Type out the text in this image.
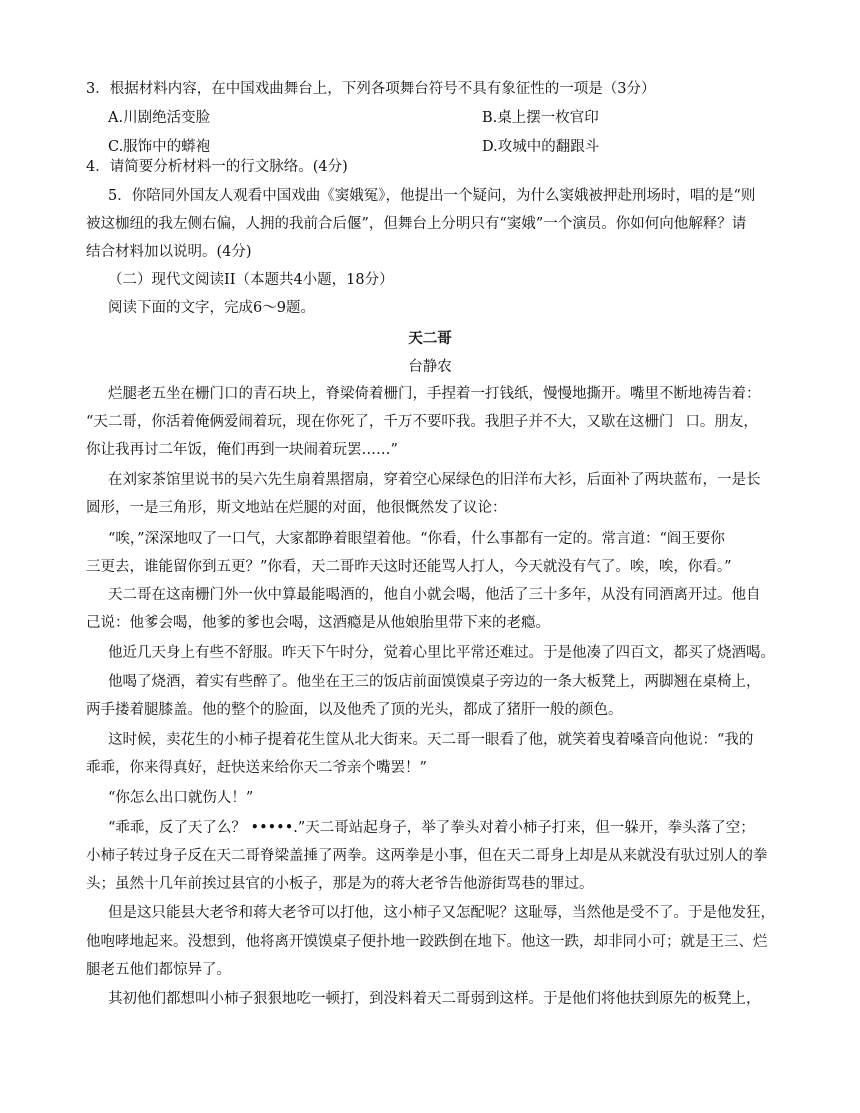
3．根据材料内容，在中国戏曲舞台上，下列各项舞台符号不具有象征性的一项是（3分）
A.川剧绝活变脸	B.桌上摆一枚官印
C.服饰中的蟒袍	D.攻城中的翻跟斗
4．请简要分析材料一的行文脉络。(4分)
5．你陪同外国友人观看中国戏曲《窦娥冤》，他提出一个疑问，为什么窦娥被押赴刑场时，唱的是“则
被这枷纽的我左侧右偏，人拥的我前合后偃”，但舞台上分明只有“窦娥”一个演员。你如何向他解释？请
结合材料加以说明。(4分)
（二）现代文阅读II（本题共4小题，18分）
阅读下面的文字，完成6～9题。
天二哥
台静农
烂腿老五坐在栅门口的青石块上，脊梁倚着栅门，手捏着一打钱纸，慢慢地撕开。嘴里不断地祷告着：
“天二哥，你活着俺俩爱闹着玩，现在你死了，千万不要吓我。我胆子并不大，又歇在这栅门 口。朋友，
你让我再讨二年饭，俺们再到一块闹着玩罢……”
在刘家茶馆里说书的吴六先生扇着黑摺扇，穿着空心屎绿色的旧洋布大衫，后面补了两块蓝布，一是长
圆形，一是三角形，斯文地站在烂腿的对面，他很慨然发了议论：
“唉，”深深地叹了一口气，大家都睁着眼望着他。“你看，什么事都有一定的。常言道：“阎王要你
三更去，谁能留你到五更？”你看，天二哥昨天这时还能骂人打人，今天就没有气了。唉，唉，你看。”
天二哥在这南栅门外一伙中算最能喝酒的，他自小就会喝，他活了三十多年，从没有同酒离开过。他自
己说：他爹会喝，他爹的爹也会喝，这酒瘾是从他娘胎里带下来的老瘾。
他近几天身上有些不舒服。昨天下午时分，觉着心里比平常还难过。于是他凑了四百文，都买了烧酒喝。
他喝了烧酒，着实有些醉了。他坐在王三的饭店前面馍馍桌子旁边的一条大板凳上，两脚翘在桌椅上，
两手搂着腿膝盖。他的整个的脸面，以及他秃了顶的光头，都成了猪肝一般的颜色。
这时候，卖花生的小柿子提着花生筐从北大街来。天二哥一眼看了他，就笑着曳着嗓音向他说：“我的
乖乖，你来得真好，赶快送来给你天二爷亲个嘴罢！”
“你怎么出口就伤人！”
“乖乖，反了天了么？ •••••.”天二哥站起身子，举了拳头对着小柿子打来，但一躲开，拳头落了空；
小柿子转过身子反在天二哥脊梁盖捶了两拳。这两拳是小事，但在天二哥身上却是从来就没有驮过别人的拳
头；虽然十几年前挨过县官的小板子，那是为的蒋大老爷告他游街骂巷的罪过。
但是这只能县大老爷和蒋大老爷可以打他，这小柿子又怎配呢？这耻辱，当然他是受不了。于是他发狂，
他咆哮地起来。没想到，他将离开馍馍桌子便扑地一跤跌倒在地下。他这一跌，却非同小可；就是王三、烂
腿老五他们都惊异了。
其初他们都想叫小柿子狠狠地吃一顿打，到没料着天二哥弱到这样。于是他们将他扶到原先的板凳上，
